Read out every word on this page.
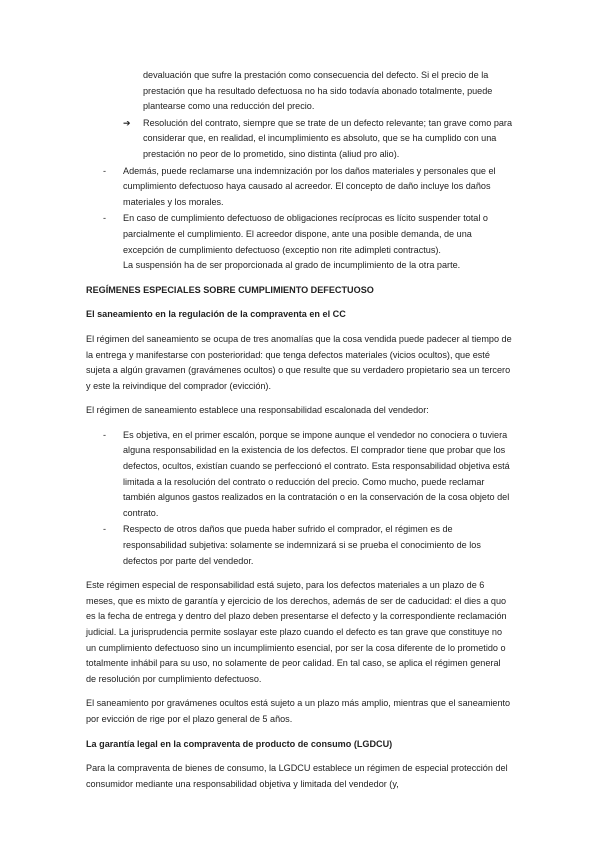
devaluación que sufre la prestación como consecuencia del defecto. Si el precio de la prestación que ha resultado defectuosa no ha sido todavía abonado totalmente, puede plantearse como una reducción del precio.

➔ Resolución del contrato, siempre que se trate de un defecto relevante; tan grave como para considerar que, en realidad, el incumplimiento es absoluto, que se ha cumplido con una prestación no peor de lo prometido, sino distinta (aliud pro alio).
- Además, puede reclamarse una indemnización por los daños materiales y personales que el cumplimiento defectuoso haya causado al acreedor. El concepto de daño incluye los daños materiales y los morales.
- En caso de cumplimiento defectuoso de obligaciones recíprocas es lícito suspender total o parcialmente el cumplimiento. El acreedor dispone, ante una posible demanda, de una excepción de cumplimiento defectuoso (exceptio non rite adimpleti contractus).

La suspensión ha de ser proporcionada al grado de incumplimiento de la otra parte.

REGÍMENES ESPECIALES SOBRE CUMPLIMIENTO DEFECTUOSO

El saneamiento en la regulación de la compraventa en el CC

El régimen del saneamiento se ocupa de tres anomalías que la cosa vendida puede padecer al tiempo de la entrega y manifestarse con posterioridad: que tenga defectos materiales (vicios ocultos), que esté sujeta a algún gravamen (gravámenes ocultos) o que resulte que su verdadero propietario sea un tercero y este la reivindique del comprador (evicción).

El régimen de saneamiento establece una responsabilidad escalonada del vendedor:

- Es objetiva, en el primer escalón, porque se impone aunque el vendedor no conociera o tuviera alguna responsabilidad en la existencia de los defectos. El comprador tiene que probar que los defectos, ocultos, existían cuando se perfeccionó el contrato. Esta responsabilidad objetiva está limitada a la resolución del contrato o reducción del precio. Como mucho, puede reclamar también algunos gastos realizados en la contratación o en la conservación de la cosa objeto del contrato.
- Respecto de otros daños que pueda haber sufrido el comprador, el régimen es de responsabilidad subjetiva: solamente se indemnizará si se prueba el conocimiento de los defectos por parte del vendedor.

Este régimen especial de responsabilidad está sujeto, para los defectos materiales a un plazo de 6 meses, que es mixto de garantía y ejercicio de los derechos, además de ser de caducidad: el dies a quo es la fecha de entrega y dentro del plazo deben presentarse el defecto y la correspondiente reclamación judicial. La jurisprudencia permite soslayar este plazo cuando el defecto es tan grave que constituye no un cumplimiento defectuoso sino un incumplimiento esencial, por ser la cosa diferente de lo prometido o totalmente inhábil para su uso, no solamente de peor calidad. En tal caso, se aplica el régimen general de resolución por cumplimiento defectuoso.

El saneamiento por gravámenes ocultos está sujeto a un plazo más amplio, mientras que el saneamiento por evicción de rige por el plazo general de 5 años.

La garantía legal en la compraventa de producto de consumo (LGDCU)

Para la compraventa de bienes de consumo, la LGDCU establece un régimen de especial protección del consumidor mediante una responsabilidad objetiva y limitada del vendedor (y,
